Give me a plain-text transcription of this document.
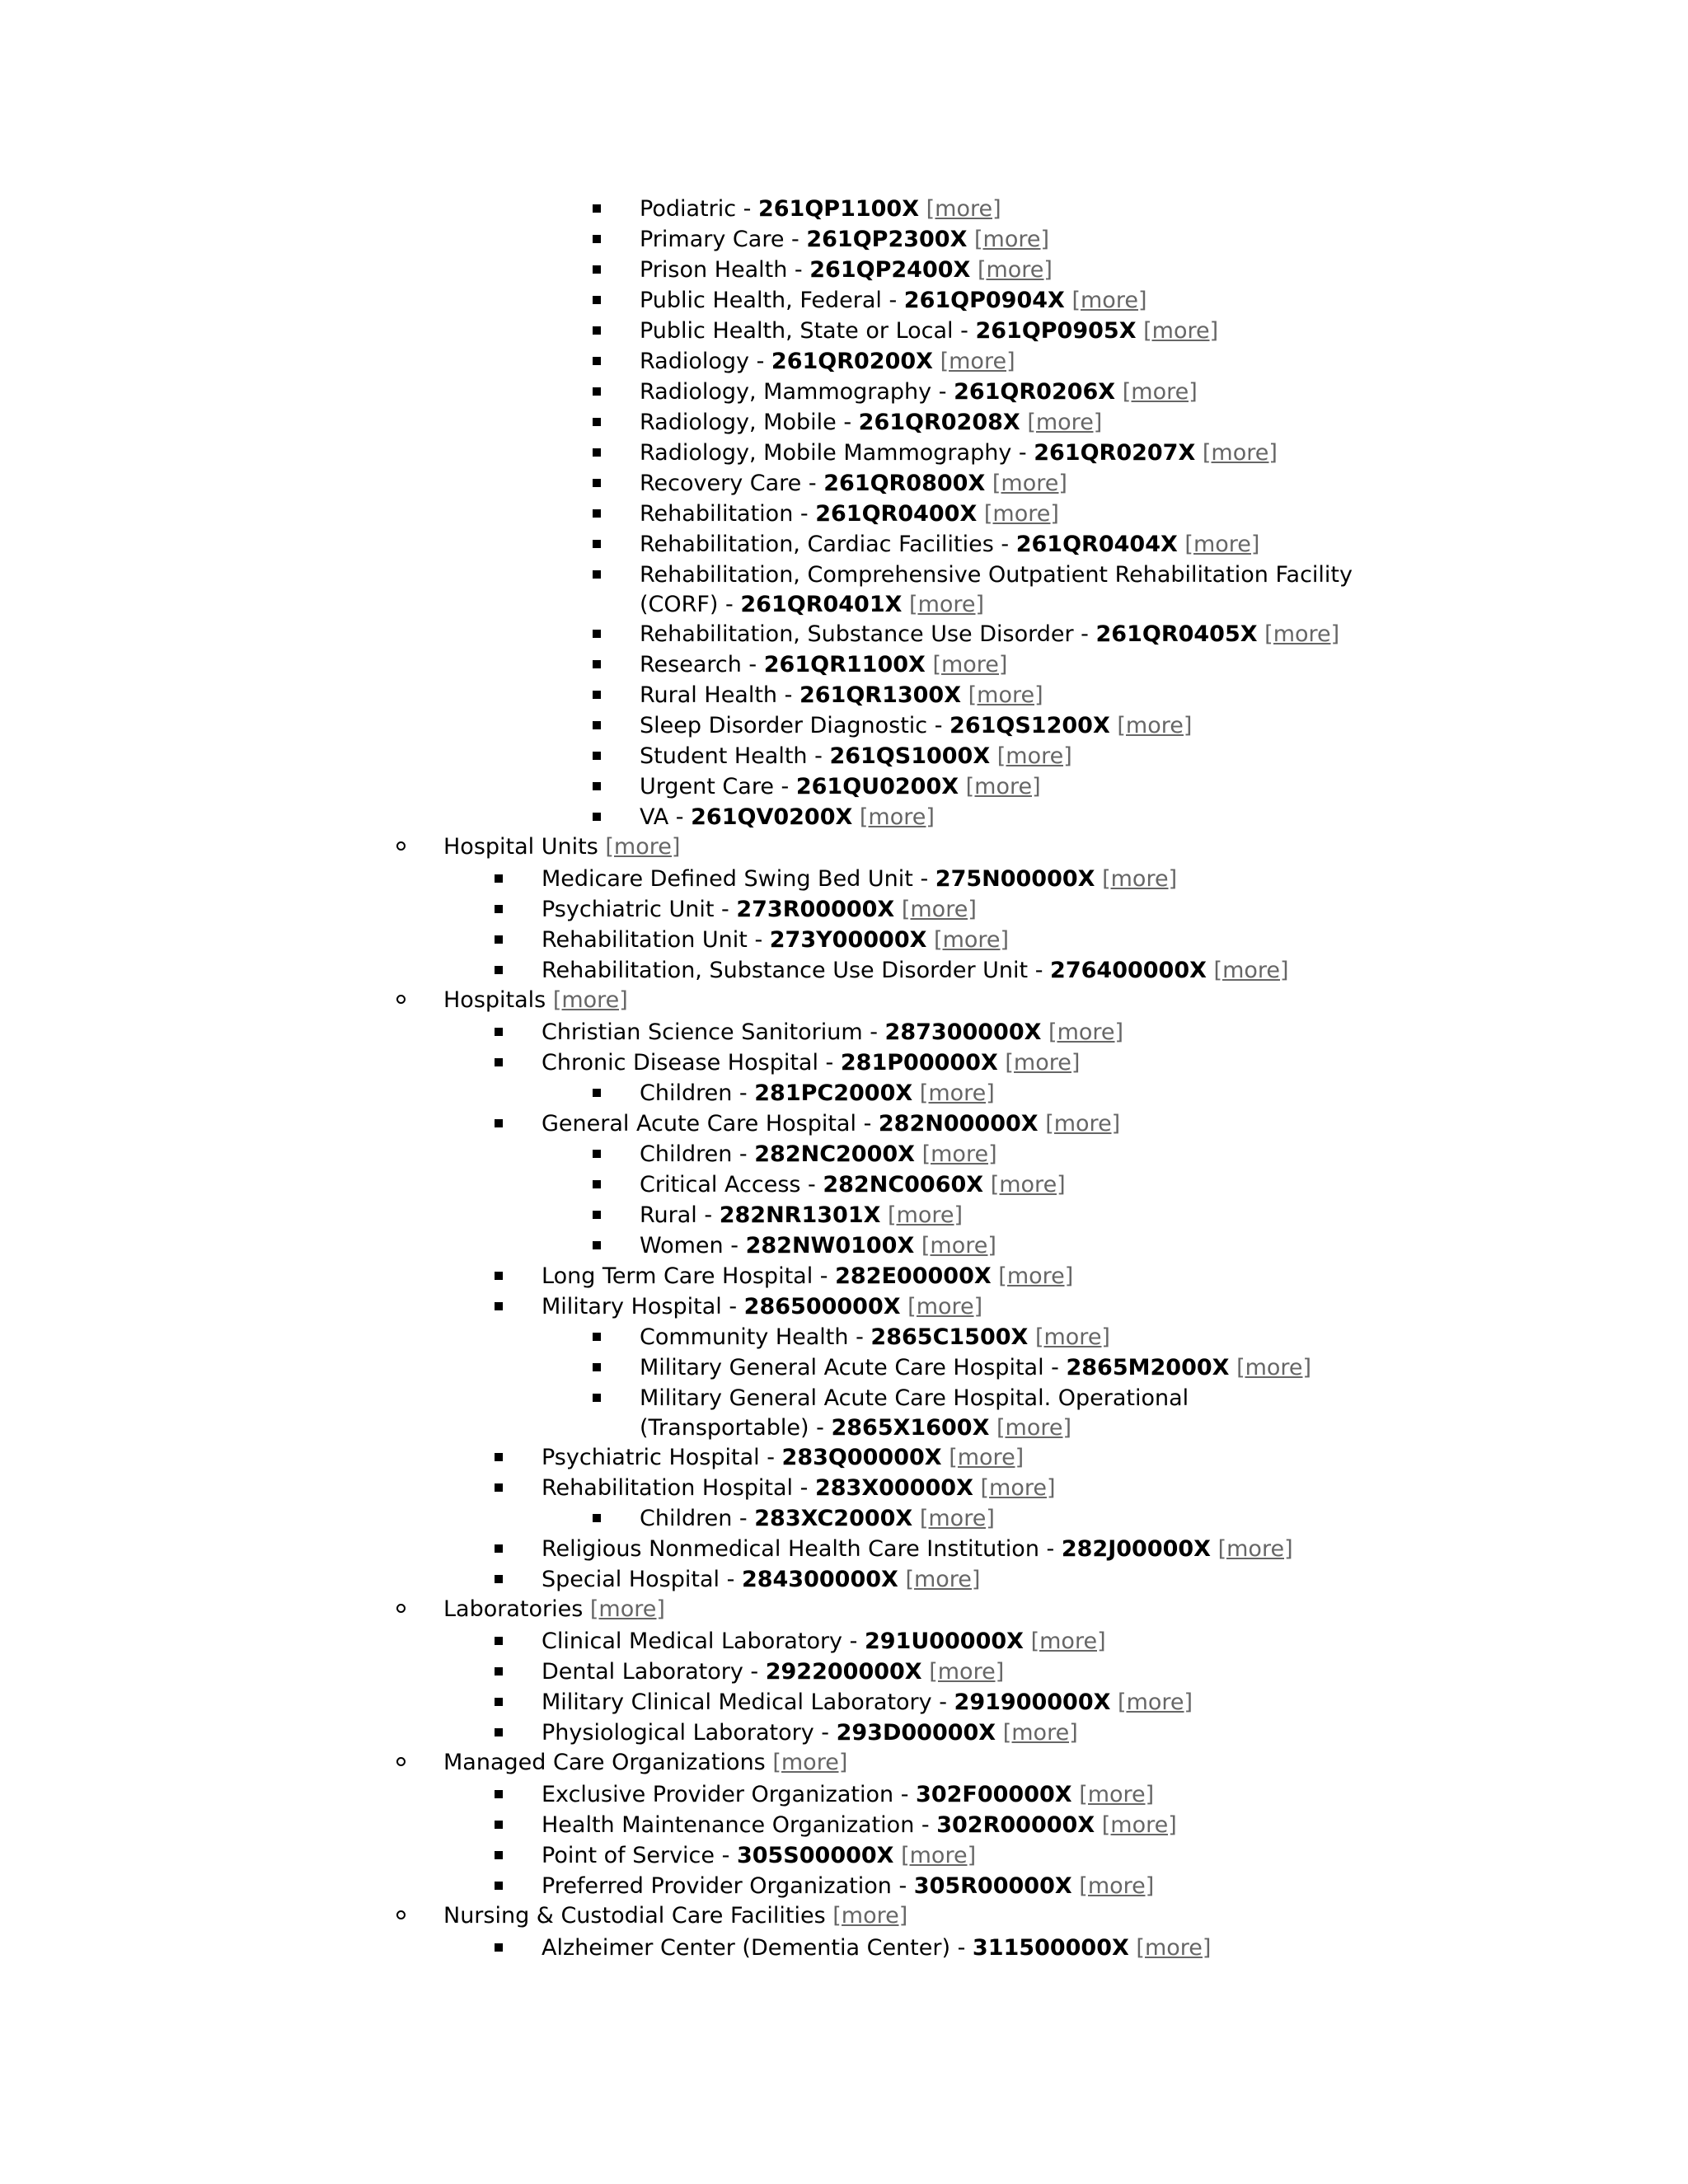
Podiatric - 261QP1100X [more]
Primary Care - 261QP2300X [more]
Prison Health - 261QP2400X [more]
Public Health, Federal - 261QP0904X [more]
Public Health, State or Local - 261QP0905X [more]
Radiology - 261QR0200X [more]
Radiology, Mammography - 261QR0206X [more]
Radiology, Mobile - 261QR0208X [more]
Radiology, Mobile Mammography - 261QR0207X [more]
Recovery Care - 261QR0800X [more]
Rehabilitation - 261QR0400X [more]
Rehabilitation, Cardiac Facilities - 261QR0404X [more]
Rehabilitation, Comprehensive Outpatient Rehabilitation Facility
(CORF) - 261QR0401X [more]
Rehabilitation, Substance Use Disorder - 261QR0405X [more]
Research - 261QR1100X [more]
Rural Health - 261QR1300X [more]
Sleep Disorder Diagnostic - 261QS1200X [more]
Student Health - 261QS1000X [more]
Urgent Care - 261QU0200X [more]
VA - 261QV0200X [more]
Hospital Units [more]
Medicare Defined Swing Bed Unit - 275N00000X [more]
Psychiatric Unit - 273R00000X [more]
Rehabilitation Unit - 273Y00000X [more]
Rehabilitation, Substance Use Disorder Unit - 276400000X [more]
Hospitals [more]
Christian Science Sanitorium - 287300000X [more]
Chronic Disease Hospital - 281P00000X [more]
Children - 281PC2000X [more]
General Acute Care Hospital - 282N00000X [more]
Children - 282NC2000X [more]
Critical Access - 282NC0060X [more]
Rural - 282NR1301X [more]
Women - 282NW0100X [more]
Long Term Care Hospital - 282E00000X [more]
Military Hospital - 286500000X [more]
Community Health - 2865C1500X [more]
Military General Acute Care Hospital - 2865M2000X [more]
Military General Acute Care Hospital. Operational
(Transportable) - 2865X1600X [more]
Psychiatric Hospital - 283Q00000X [more]
Rehabilitation Hospital - 283X00000X [more]
Children - 283XC2000X [more]
Religious Nonmedical Health Care Institution - 282J00000X [more]
Special Hospital - 284300000X [more]
Laboratories [more]
Clinical Medical Laboratory - 291U00000X [more]
Dental Laboratory - 292200000X [more]
Military Clinical Medical Laboratory - 291900000X [more]
Physiological Laboratory - 293D00000X [more]
Managed Care Organizations [more]
Exclusive Provider Organization - 302F00000X [more]
Health Maintenance Organization - 302R00000X [more]
Point of Service - 305S00000X [more]
Preferred Provider Organization - 305R00000X [more]
Nursing & Custodial Care Facilities [more]
Alzheimer Center (Dementia Center) - 311500000X [more]
